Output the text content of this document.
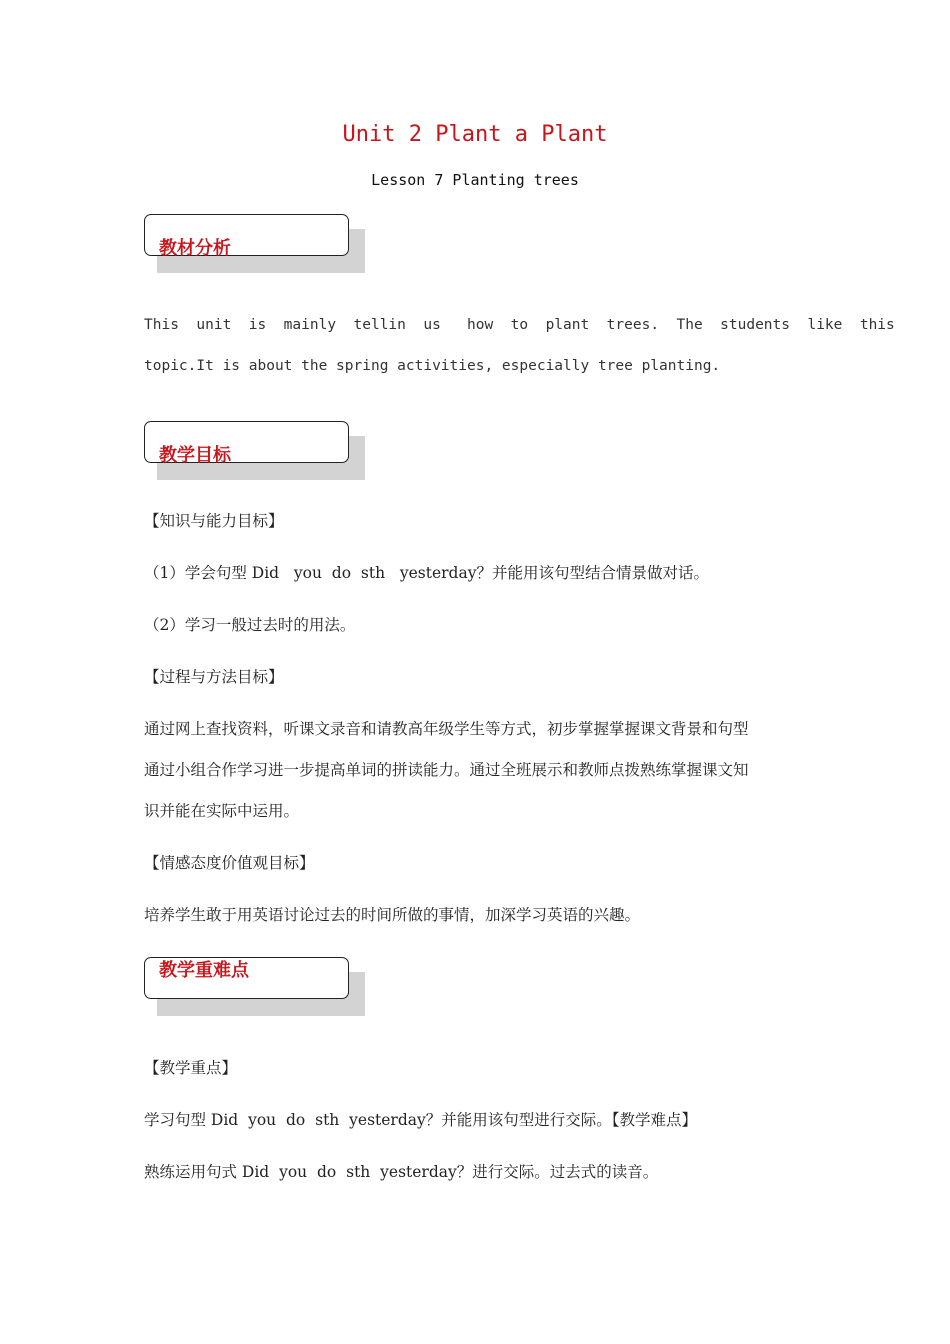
Unit 2 Plant a Plant
Lesson 7 Planting trees
教材分析
This  unit  is  mainly  tellin  us   how  to  plant  trees.  The  students  like  this
topic.It is about the spring activities, especially tree planting.
教学目标
【知识与能力目标】
（1）学会句型 Did   you  do  sth   yesterday？并能用该句型结合情景做对话。
（2）学习一般过去时的用法。
【过程与方法目标】
通过网上查找资料，听课文录音和请教高年级学生等方式，初步掌握掌握课文背景和句型
通过小组合作学习进一步提高单词的拼读能力。通过全班展示和教师点拨熟练掌握课文知
识并能在实际中运用。
【情感态度价值观目标】
培养学生敢于用英语讨论过去的时间所做的事情，加深学习英语的兴趣。
教学重难点
【教学重点】
学习句型 Did  you  do  sth  yesterday？并能用该句型进行交际。【教学难点】
熟练运用句式 Did  you  do  sth  yesterday？进行交际。过去式的读音。
